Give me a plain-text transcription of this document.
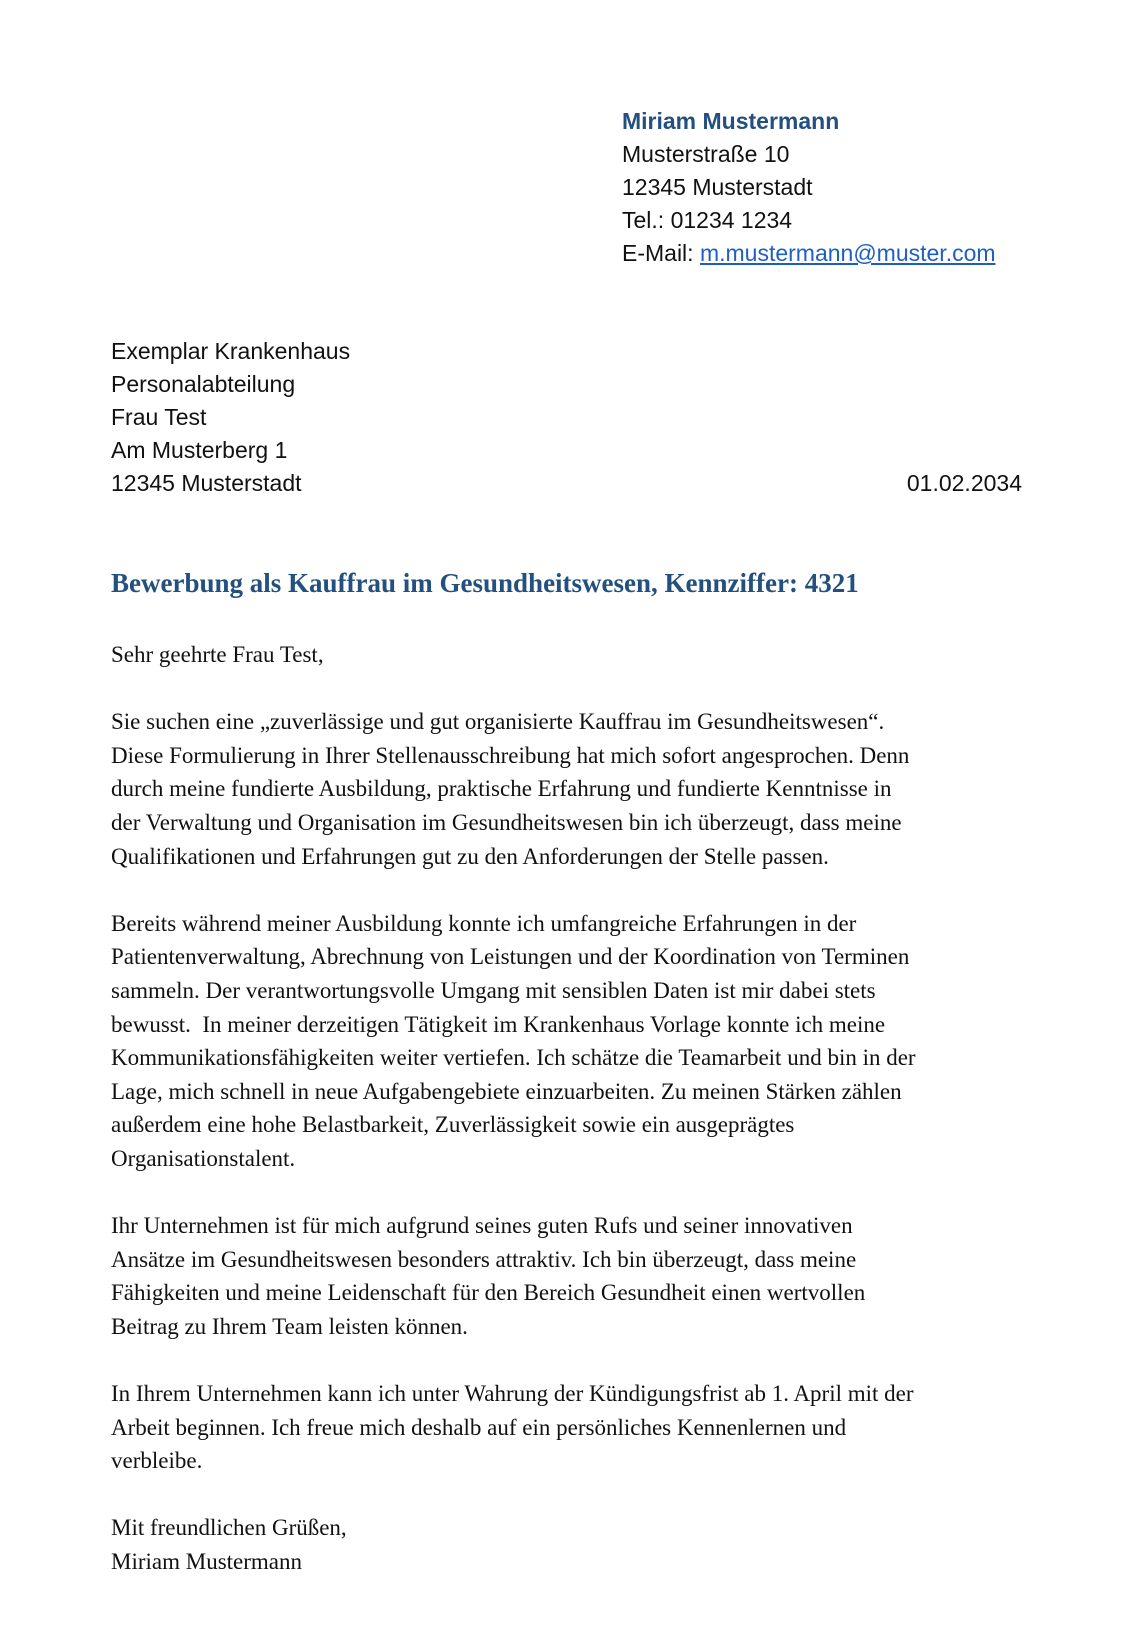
Miriam Mustermann
Musterstraße 10
12345 Musterstadt
Tel.: 01234 1234
E-Mail: m.mustermann@muster.com
Exemplar Krankenhaus
Personalabteilung
Frau Test
Am Musterberg 1
12345 Musterstadt	01.02.2034
Bewerbung als Kauffrau im Gesundheitswesen, Kennziffer: 4321

Sehr geehrte Frau Test,

Sie suchen eine „zuverlässige und gut organisierte Kauffrau im Gesundheitswesen“.
Diese Formulierung in Ihrer Stellenausschreibung hat mich sofort angesprochen. Denn
durch meine fundierte Ausbildung, praktische Erfahrung und fundierte Kenntnisse in
der Verwaltung und Organisation im Gesundheitswesen bin ich überzeugt, dass meine
Qualifikationen und Erfahrungen gut zu den Anforderungen der Stelle passen.

Bereits während meiner Ausbildung konnte ich umfangreiche Erfahrungen in der
Patientenverwaltung, Abrechnung von Leistungen und der Koordination von Terminen
sammeln. Der verantwortungsvolle Umgang mit sensiblen Daten ist mir dabei stets
bewusst.  In meiner derzeitigen Tätigkeit im Krankenhaus Vorlage konnte ich meine
Kommunikationsfähigkeiten weiter vertiefen. Ich schätze die Teamarbeit und bin in der
Lage, mich schnell in neue Aufgabengebiete einzuarbeiten. Zu meinen Stärken zählen
außerdem eine hohe Belastbarkeit, Zuverlässigkeit sowie ein ausgeprägtes
Organisationstalent.

Ihr Unternehmen ist für mich aufgrund seines guten Rufs und seiner innovativen
Ansätze im Gesundheitswesen besonders attraktiv. Ich bin überzeugt, dass meine
Fähigkeiten und meine Leidenschaft für den Bereich Gesundheit einen wertvollen
Beitrag zu Ihrem Team leisten können.

In Ihrem Unternehmen kann ich unter Wahrung der Kündigungsfrist ab 1. April mit der
Arbeit beginnen. Ich freue mich deshalb auf ein persönliches Kennenlernen und
verbleibe.

Mit freundlichen Grüßen,
Miriam Mustermann
